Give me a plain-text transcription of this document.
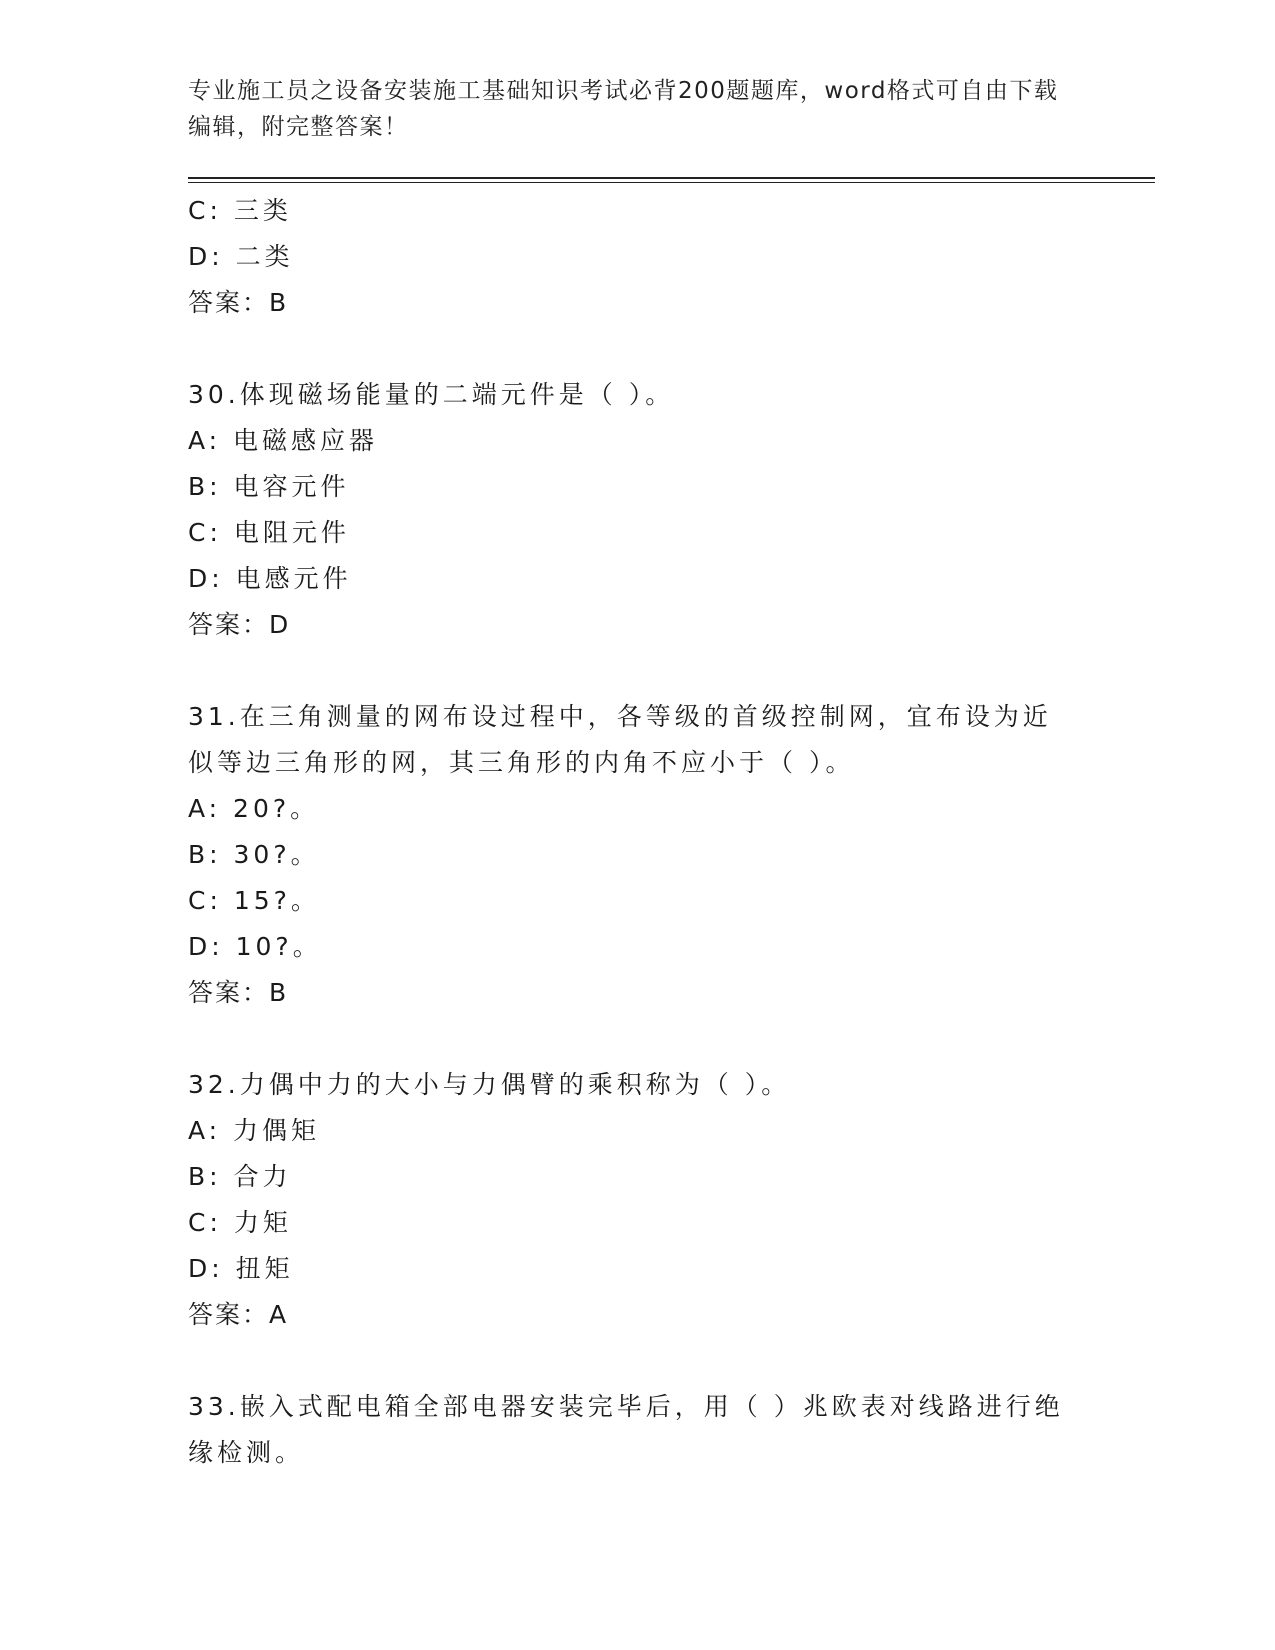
专业施工员之设备安装施工基础知识考试必背200题题库，word格式可自由下载编辑，附完整答案！
C: 三类
D: 二类
答案：B
30.体现磁场能量的二端元件是（ ）。
A: 电磁感应器
B: 电容元件
C: 电阻元件
D: 电感元件
答案：D
31.在三角测量的网布设过程中，各等级的首级控制网，宜布设为近似等边三角形的网，其三角形的内角不应小于（ ）。
A: 20?。
B: 30?。
C: 15?。
D: 10?。
答案：B
32.力偶中力的大小与力偶臂的乘积称为（ ）。
A: 力偶矩
B: 合力
C: 力矩
D: 扭矩
答案：A
33.嵌入式配电箱全部电器安装完毕后，用（ ）兆欧表对线路进行绝缘检测。
